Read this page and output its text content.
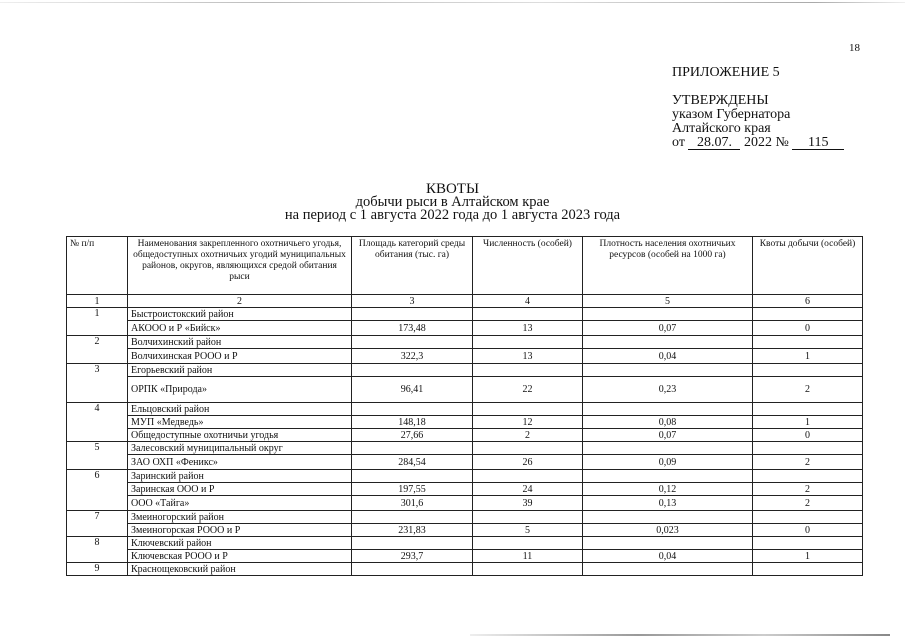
18
ПРИЛОЖЕНИЕ 5
УТВЕРЖДЕНЫ
указом Губернатора
Алтайского края
от 28.07. 2022 № 115
КВОТЫ
добычи рыси в Алтайском крае
на период с 1 августа 2022 года до 1 августа 2023 года
№ п/п	Наименования закрепленного охотничьего угодья, общедоступных охотничьих угодий муниципальных районов, округов, являющихся средой обитания рыси	Площадь категорий среды обитания (тыс. га)	Численность (особей)	Плотность населения охотничьих ресурсов (особей на 1000 га)	Квоты добычи (особей)
1	2	3	4	5	6
1	Быстроистокский район				
	АКООО и Р «Бийск»	173,48	13	0,07	0
2	Волчихинский район				
	Волчихинская РООО и Р	322,3	13	0,04	1
3	Егорьевский район				
	ОРПК «Природа»	96,41	22	0,23	2
4	Ельцовский район				
	МУП «Медведь»	148,18	12	0,08	1
	Общедоступные охотничьи угодья	27,66	2	0,07	0
5	Залесовский муниципальный округ				
	ЗАО ОХП «Феникс»	284,54	26	0,09	2
6	Заринский район				
	Заринская ООО и Р	197,55	24	0,12	2
	ООО «Тайга»	301,6	39	0,13	2
7	Змеиногорский район				
	Змеиногорская РООО и Р	231,83	5	0,023	0
8	Ключевский район				
	Ключевская РООО и Р	293,7	11	0,04	1
9	Краснощековский район				
